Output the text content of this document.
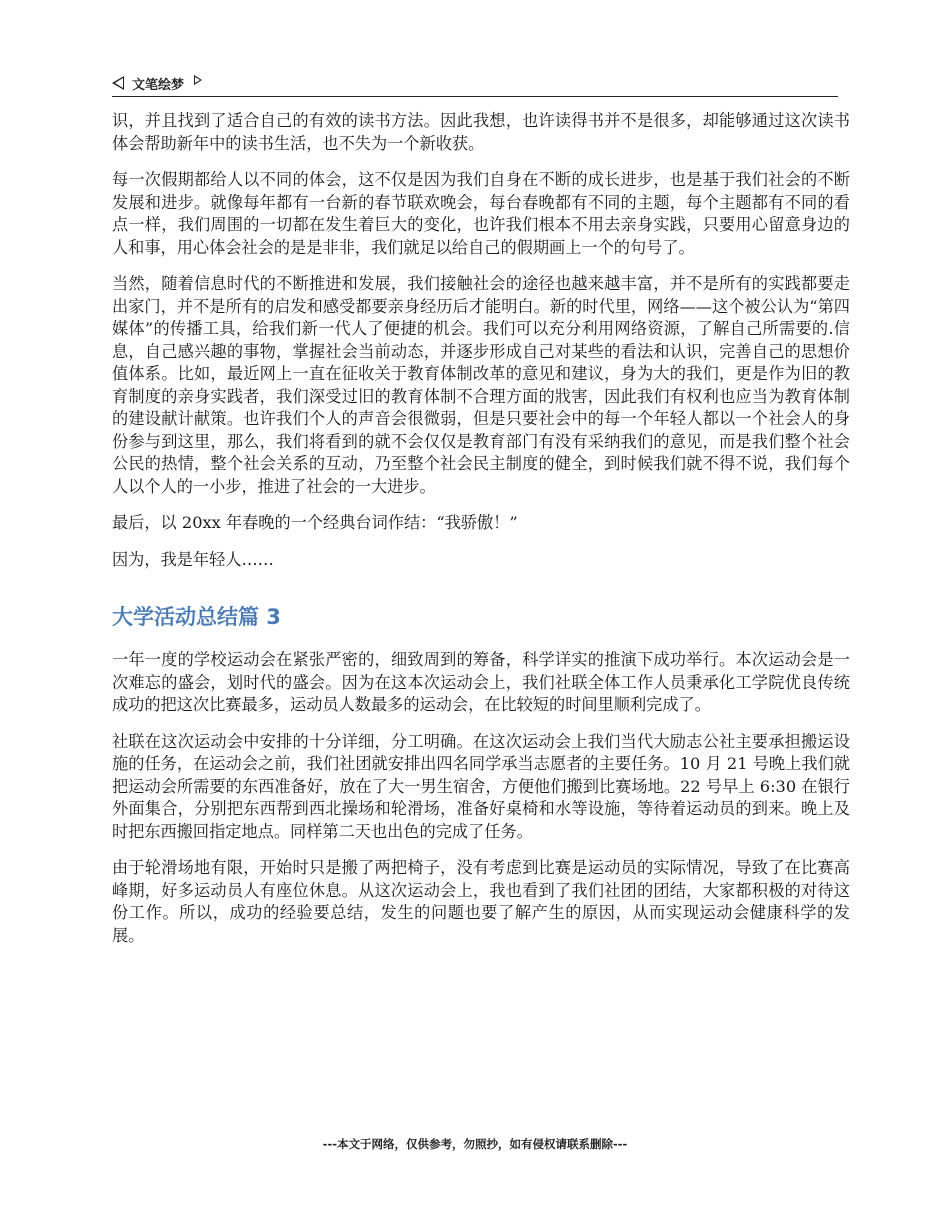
文笔绘梦

识，并且找到了适合自己的有效的读书方法。因此我想，也许读得书并不是很多，却能够通过这次读书体会帮助新年中的读书生活，也不失为一个新收获。

每一次假期都给人以不同的体会，这不仅是因为我们自身在不断的成长进步，也是基于我们社会的不断发展和进步。就像每年都有一台新的春节联欢晚会，每台春晚都有不同的主题，每个主题都有不同的看点一样，我们周围的一切都在发生着巨大的变化，也许我们根本不用去亲身实践，只要用心留意身边的人和事，用心体会社会的是是非非，我们就足以给自己的假期画上一个的句号了。

当然，随着信息时代的不断推进和发展，我们接触社会的途径也越来越丰富，并不是所有的实践都要走出家门，并不是所有的启发和感受都要亲身经历后才能明白。新的时代里，网络——这个被公认为“第四媒体”的传播工具，给我们新一代人了便捷的机会。我们可以充分利用网络资源，了解自己所需要的.信息，自己感兴趣的事物，掌握社会当前动态，并逐步形成自己对某些的看法和认识，完善自己的思想价值体系。比如，最近网上一直在征收关于教育体制改革的意见和建议，身为大的我们，更是作为旧的教育制度的亲身实践者，我们深受过旧的教育体制不合理方面的戕害，因此我们有权利也应当为教育体制的建设献计献策。也许我们个人的声音会很微弱，但是只要社会中的每一个年轻人都以一个社会人的身份参与到这里，那么，我们将看到的就不会仅仅是教育部门有没有采纳我们的意见，而是我们整个社会公民的热情，整个社会关系的互动，乃至整个社会民主制度的健全，到时候我们就不得不说，我们每个人以个人的一小步，推进了社会的一大进步。

最后，以 20xx 年春晚的一个经典台词作结：“我骄傲！”

因为，我是年轻人……

大学活动总结篇 3

一年一度的学校运动会在紧张严密的，细致周到的筹备，科学详实的推演下成功举行。本次运动会是一次难忘的盛会，划时代的盛会。因为在这本次运动会上，我们社联全体工作人员秉承化工学院优良传统成功的把这次比赛最多，运动员人数最多的运动会，在比较短的时间里顺利完成了。

社联在这次运动会中安排的十分详细，分工明确。在这次运动会上我们当代大励志公社主要承担搬运设施的任务，在运动会之前，我们社团就安排出四名同学承当志愿者的主要任务。10 月 21 号晚上我们就把运动会所需要的东西准备好，放在了大一男生宿舍，方便他们搬到比赛场地。22 号早上 6:30 在银行外面集合，分别把东西帮到西北操场和轮滑场，准备好桌椅和水等设施，等待着运动员的到来。晚上及时把东西搬回指定地点。同样第二天也出色的完成了任务。

由于轮滑场地有限，开始时只是搬了两把椅子，没有考虑到比赛是运动员的实际情况，导致了在比赛高峰期，好多运动员人有座位休息。从这次运动会上，我也看到了我们社团的团结，大家都积极的对待这份工作。所以，成功的经验要总结，发生的问题也要了解产生的原因，从而实现运动会健康科学的发展。

---本文于网络，仅供参考，勿照抄，如有侵权请联系删除---
